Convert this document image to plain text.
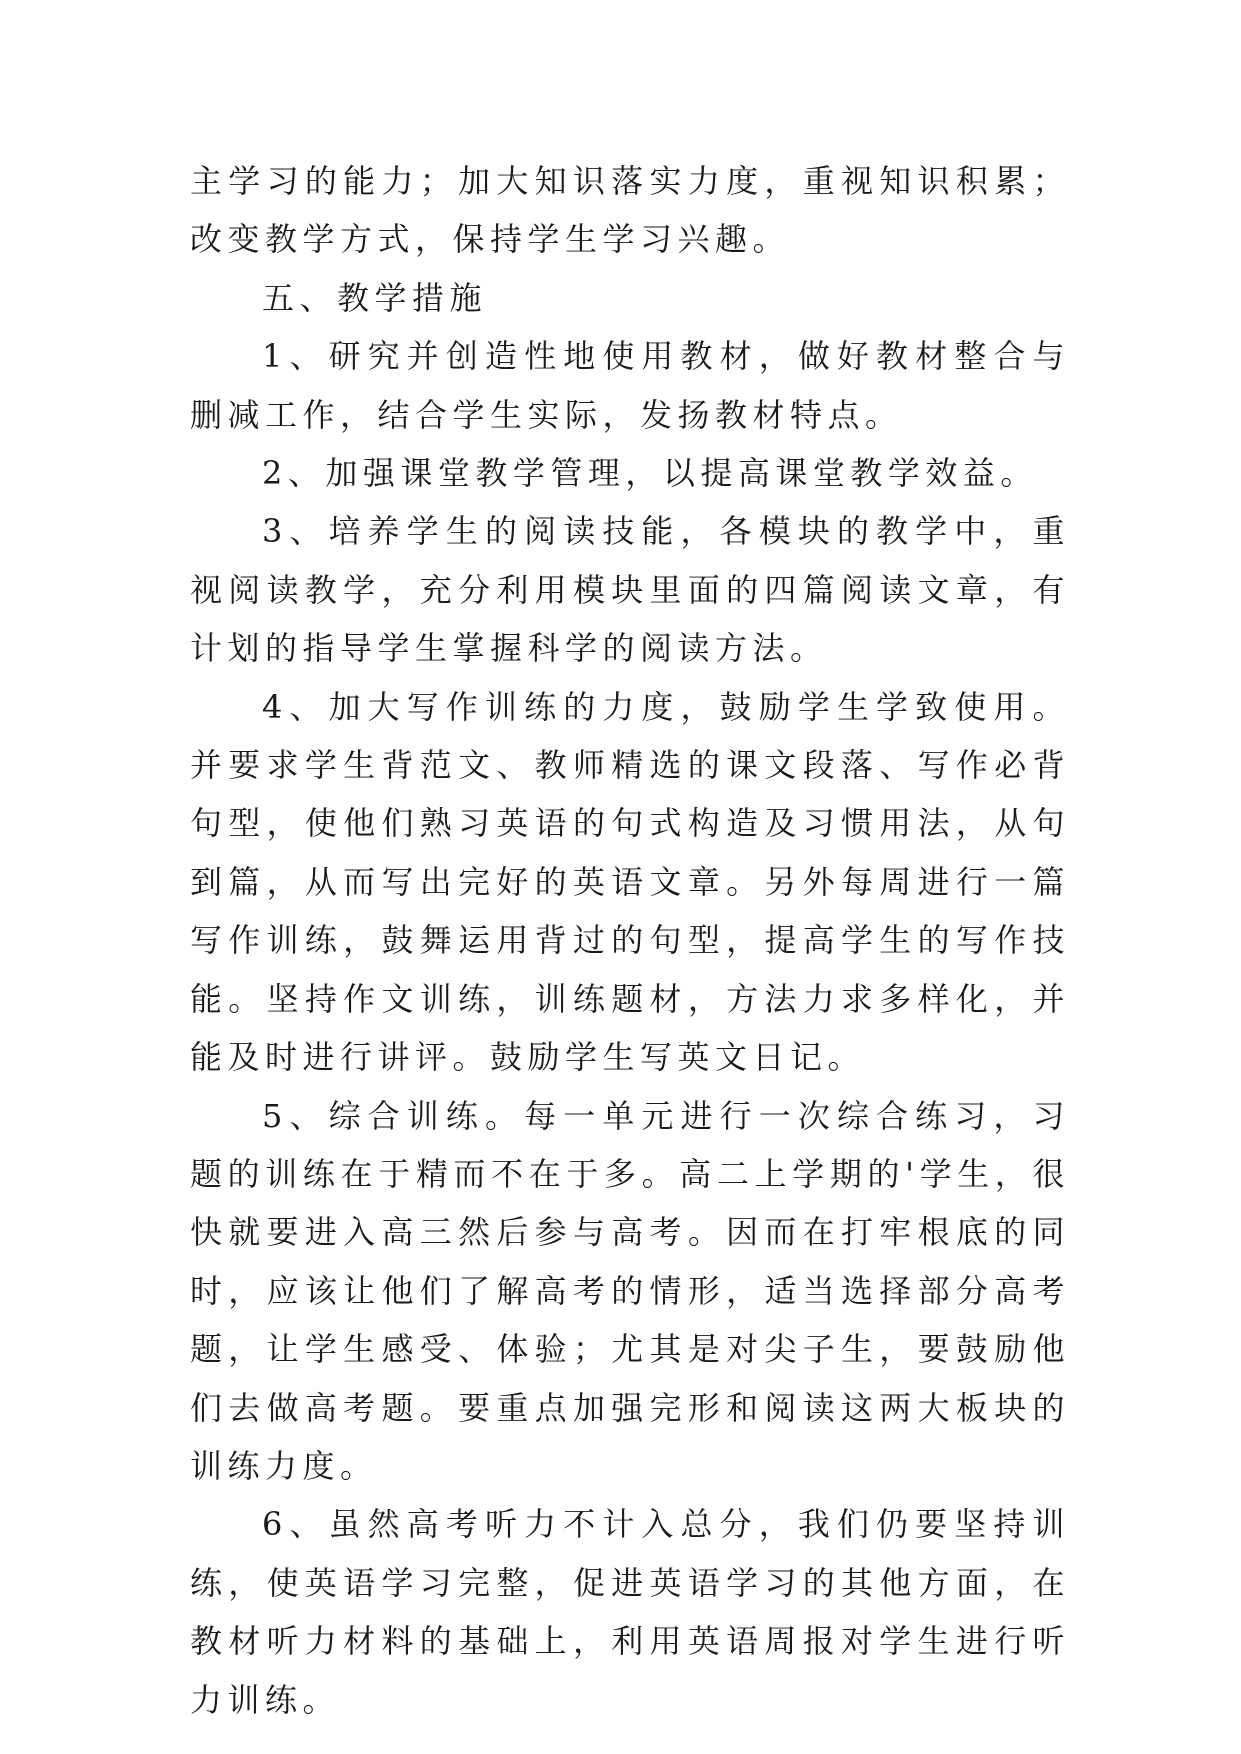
主学习的能力；加大知识落实力度，重视知识积累；改变教学方式，保持学生学习兴趣。

五、教学措施

1、研究并创造性地使用教材，做好教材整合与删减工作，结合学生实际，发扬教材特点。

2、加强课堂教学管理，以提高课堂教学效益。

3、培养学生的阅读技能，各模块的教学中，重视阅读教学，充分利用模块里面的四篇阅读文章，有计划的指导学生掌握科学的阅读方法。

4、加大写作训练的力度，鼓励学生学致使用。并要求学生背范文、教师精选的课文段落、写作必背句型，使他们熟习英语的句式构造及习惯用法，从句到篇，从而写出完好的英语文章。另外每周进行一篇写作训练，鼓舞运用背过的句型，提高学生的写作技能。坚持作文训练，训练题材，方法力求多样化，并能及时进行讲评。鼓励学生写英文日记。

5、综合训练。每一单元进行一次综合练习，习题的训练在于精而不在于多。高二上学期的'学生，很快就要进入高三然后参与高考。因而在打牢根底的同时，应该让他们了解高考的情形，适当选择部分高考题，让学生感受、体验；尤其是对尖子生，要鼓励他们去做高考题。要重点加强完形和阅读这两大板块的训练力度。

6、虽然高考听力不计入总分，我们仍要坚持训练，使英语学习完整，促进英语学习的其他方面，在教材听力材料的基础上，利用英语周报对学生进行听力训练。
